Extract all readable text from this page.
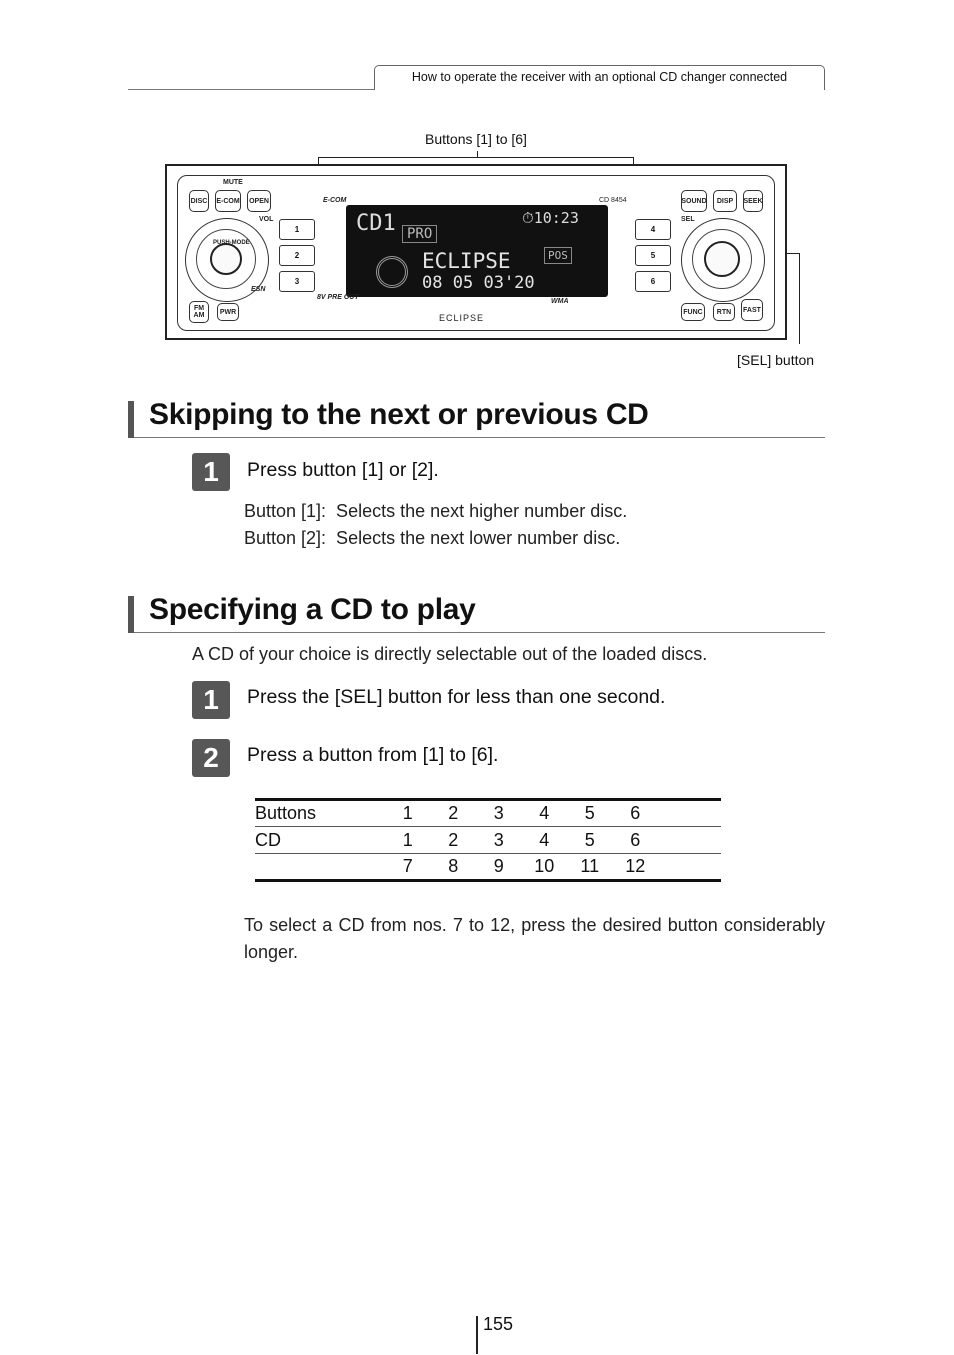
How to operate the receiver with an optional CD changer connected
Buttons [1] to [6]
[SEL] button
MUTE
DISC E-COM OPEN
VOL
PUSH-MODE
ESN
FM AM	PWR
1
2
3
E-COM	CD 8454
CD1 PRO
⏱10:23
ECLIPSE
08 05 03'20
POS
8V PRE OUT
WMA
ECLIPSE
4
5
6
SOUND	DISP	SEEK
SEL
FUNC	RTN	FAST
Skipping to the next or previous CD
1	Press button [1] or [2].
Button [1]:  Selects the next higher number disc.
Button [2]:  Selects the next lower number disc.
Specifying a CD to play
A CD of your choice is directly selectable out of the loaded discs.
1	Press the [SEL] button for less than one second.
2	Press a button from [1] to [6].
Buttons	1	2	3	4	5	6	
CD	1	2	3	4	5	6	
	7	8	9	10	11	12	
To select a CD from nos. 7 to 12, press the desired button considerably longer.
155
